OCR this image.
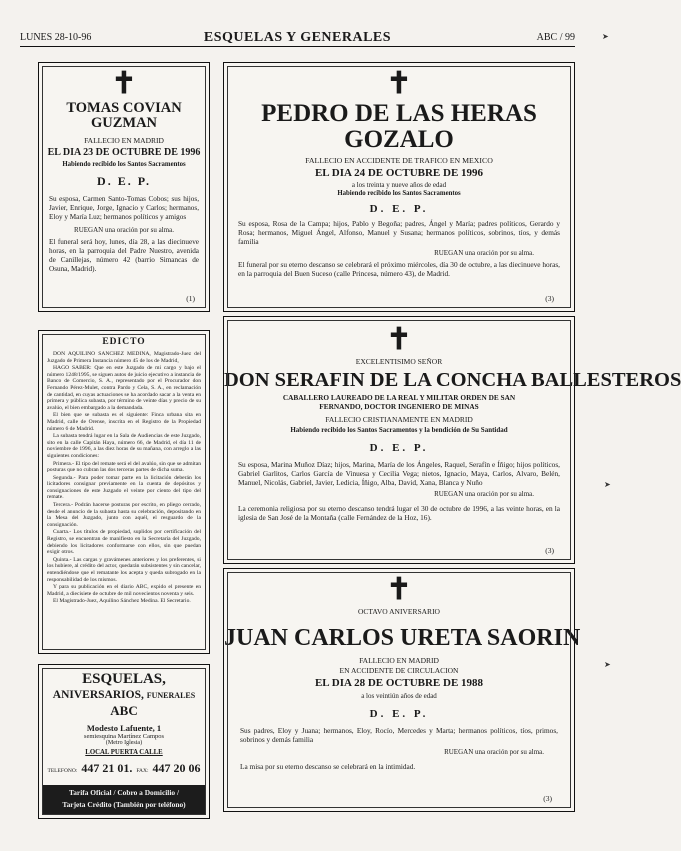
LUNES 28-10-96	ESQUELAS Y GENERALES	ABC / 99
✝
TOMAS COVIAN GUZMAN
FALLECIO EN MADRID
EL DIA 23 DE OCTUBRE DE 1996
Habiendo recibido los Santos Sacramentos
D. E. P.
Su esposa, Carmen Santo-Tomas Cobos; sus hijos, Javier, Enrique, Jorge, Ignacio y Carlos; hermanos, Eloy y María Luz; hermanos políticos y amigos
RUEGAN una oración por su alma.
El funeral será hoy, lunes, día 28, a las diecinueve horas, en la parroquia del Padre Nuestro, avenida de Canillejas, número 42 (barrio Simancas de Osuna, Madrid).
(1)
✝
PEDRO DE LAS HERAS
GOZALO
FALLECIO EN ACCIDENTE DE TRAFICO EN MEXICO
EL DIA 24 DE OCTUBRE DE 1996
a los treinta y nueve años de edad
Habiendo recibido los Santos Sacramentos
D. E. P.
Su esposa, Rosa de la Campa; hijos, Pablo y Begoña; padres, Ángel y María; padres políticos, Gerardo y Rosa; hermanos, Miguel Ángel, Alfonso, Manuel y Susana; hermanos políticos, sobrinos, tíos, y demás familia
RUEGAN una oración por su alma.
El funeral por su eterno descanso se celebrará el próximo miércoles, día 30 de octubre, a las diecinueve horas, en la parroquia del Buen Suceso (calle Princesa, número 43), de Madrid.
(3)
EDICTO

DON AQUILINO SANCHEZ MEDINA, Magistrado-Juez del Juzgado de Primera Instancia número 45 de los de Madrid,

HAGO SABER: Que en este Juzgado de mi cargo y bajo el número 1248/1995, se siguen autos de juicio ejecutivo a instancia de Banco de Comercio, S. A., representado por el Procurador don Fernando Pérez-Mulet, contra Pardo y Cela, S. A., en reclamación de cantidad, en cuyas actuaciones se ha acordado sacar a la venta en primera y pública subasta, por término de veinte días y precio de su avalúo, el bien embargado a la demandada.

El bien que se subasta es el siguiente: Finca urbana sita en Madrid, calle de Orense, inscrita en el Registro de la Propiedad número 6 de Madrid.

La subasta tendrá lugar en la Sala de Audiencias de este Juzgado, sito en la calle Capitán Haya, número 66, de Madrid, el día 11 de noviembre de 1996, a las diez horas de su mañana, con arreglo a las siguientes condiciones:

Primera.- El tipo del remate será el del avalúo, sin que se admitan posturas que no cubran las dos terceras partes de dicha suma.

Segunda.- Para poder tomar parte en la licitación deberán los licitadores consignar previamente en la cuenta de depósitos y consignaciones de este Juzgado el veinte por ciento del tipo del remate.

Tercera.- Podrán hacerse posturas por escrito, en pliego cerrado, desde el anuncio de la subasta hasta su celebración, depositando en la Mesa del Juzgado, junto con aquél, el resguardo de la consignación.

Cuarta.- Los títulos de propiedad, suplidos por certificación del Registro, se encuentran de manifiesto en la Secretaría del Juzgado, debiendo los licitadores conformarse con ellos, sin que puedan exigir otros.

Quinta.- Las cargas y gravámenes anteriores y los preferentes, si los hubiere, al crédito del actor, quedarán subsistentes y sin cancelar, entendiéndose que el rematante los acepta y queda subrogado en la responsabilidad de los mismos.

Y para su publicación en el diario ABC, expido el presente en Madrid, a diecisiete de octubre de mil novecientos noventa y seis.

El Magistrado-Juez, Aquilino Sánchez Medina. El Secretario.

✝
EXCELENTISIMO SEÑOR
DON SERAFIN DE LA CONCHA BALLESTEROS
CABALLERO LAUREADO DE LA REAL Y MILITAR ORDEN DE SAN
FERNANDO, DOCTOR INGENIERO DE MINAS
FALLECIO CRISTIANAMENTE EN MADRID
Habiendo recibido los Santos Sacramentos y la bendición de Su Santidad
D. E. P.
Su esposa, Marina Muñoz Díaz; hijos, Marina, María de los Ángeles, Raquel, Serafín e Íñigo; hijos políticos, Gabriel Garlitos, Carlos García de Vinuesa y Cecilia Vega; nietos, Ignacio, Maya, Carlos, Alvaro, Belén, Manuel, Nicolás, Gabriel, Javier, Ledicia, Íñigo, Alba, David, Xana, Blanca y Nuño
RUEGAN una oración por su alma.
La ceremonia religiosa por su eterno descanso tendrá lugar el 30 de octubre de 1996, a las veinte horas, en la iglesia de San José de la Montaña (calle Fernández de la Hoz, 16).
(3)
✝
OCTAVO ANIVERSARIO
JUAN CARLOS URETA SAORIN
FALLECIO EN MADRID
EN ACCIDENTE DE CIRCULACION
EL DIA 28 DE OCTUBRE DE 1988
a los veintiún años de edad
D. E. P.
Sus padres, Eloy y Juana; hermanos, Eloy, Rocío, Mercedes y Marta; hermanos políticos, tíos, primos, sobrinos y demás familia
RUEGAN una oración por su alma.
La misa por su eterno descanso se celebrará en la intimidad.
(3)
ESQUELAS,
ANIVERSARIOS, FUNERALES
ABC
Modesto Lafuente, 1
semiesquina Martínez Campos
(Metro Iglesia)
LOCAL PUERTA CALLE
TELEFONO: 447 21 01. FAX: 447 20 06
Tarifa Oficial / Cobro a Domicilio /
Tarjeta Crédito (También por teléfono)
➤
➤
➤
